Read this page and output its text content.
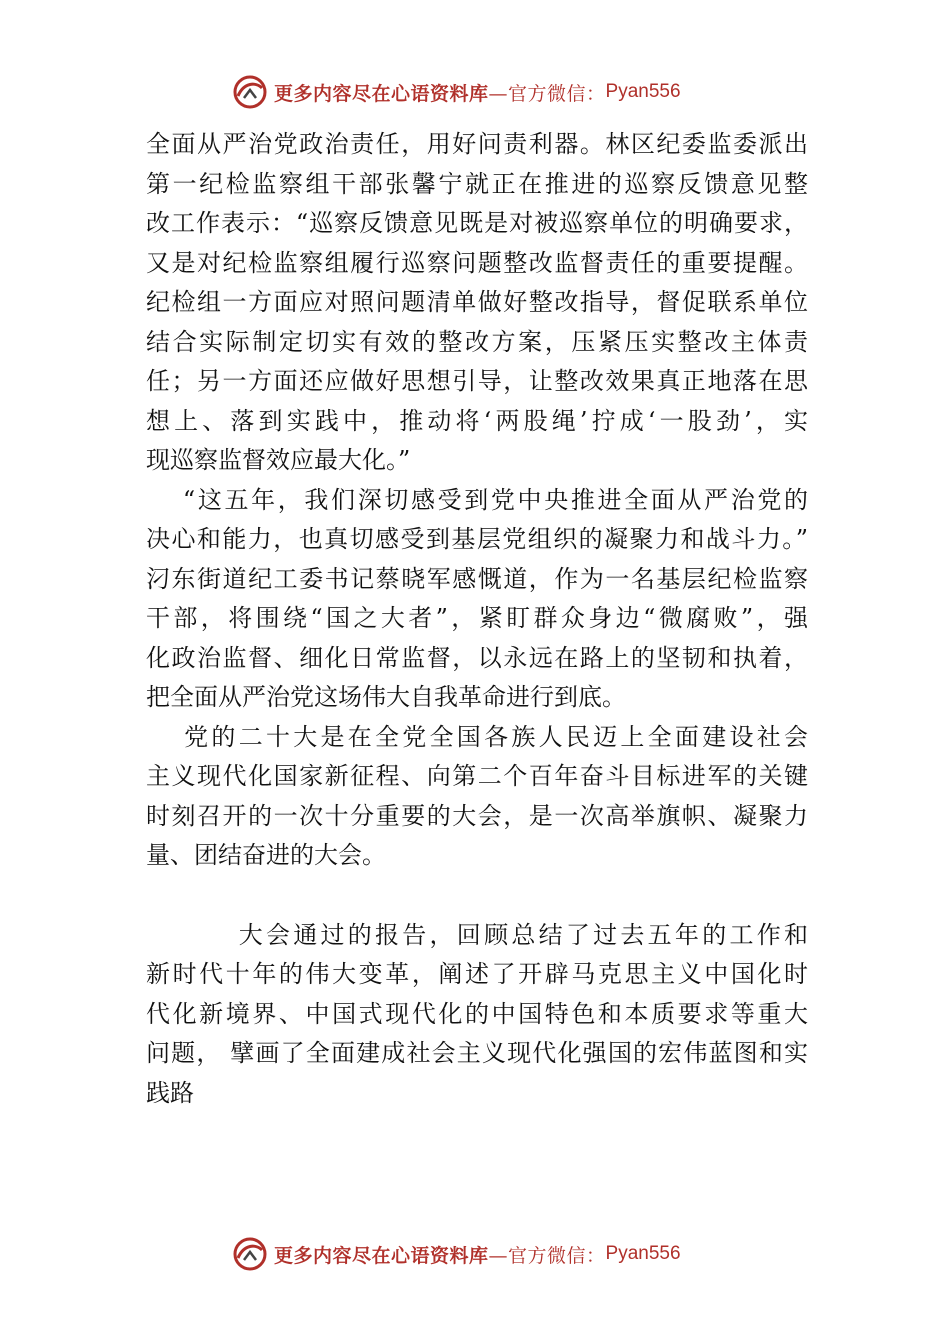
更多内容尽在心语资料库 —官方微信： Pyan556
全面从严治党政治责任，用好问责利器。林区纪委监委派出
第一纪检监察组干部张馨宁就正在推进的巡察反馈意见整
改工作表示：“巡察反馈意见既是对被巡察单位的明确要求，
又是对纪检监察组履行巡察问题整改监督责任的重要提醒。
纪检组一方面应对照问题清单做好整改指导，督促联系单位
结合实际制定切实有效的整改方案，压紧压实整改主体责
任；另一方面还应做好思想引导，让整改效果真正地落在思
想上、落到实践中，推动将‘两股绳’拧成‘一股劲’，实
现巡察监督效应最大化。”
　 “这五年，我们深切感受到党中央推进全面从严治党的
决心和能力，也真切感受到基层党组织的凝聚力和战斗力。”
汈东街道纪工委书记蔡晓军感慨道，作为一名基层纪检监察
干部，将围绕“国之大者”，紧盯群众身边“微腐败”，强
化政治监督、细化日常监督，以永远在路上的坚韧和执着，
把全面从严治党这场伟大自我革命进行到底。
　 党的二十大是在全党全国各族人民迈上全面建设社会
主义现代化国家新征程、向第二个百年奋斗目标进军的关键
时刻召开的一次十分重要的大会，是一次高举旗帜、凝聚力
量、团结奋进的大会。
　　　 大会通过的报告，回顾总结了过去五年的工作和
新时代十年的伟大变革，阐述了开辟马克思主义中国化时
代化新境界、中国式现代化的中国特色和本质要求等重大
问题， 擘画了全面建成社会主义现代化强国的宏伟蓝图和实
践路
更多内容尽在心语资料库 —官方微信： Pyan556
